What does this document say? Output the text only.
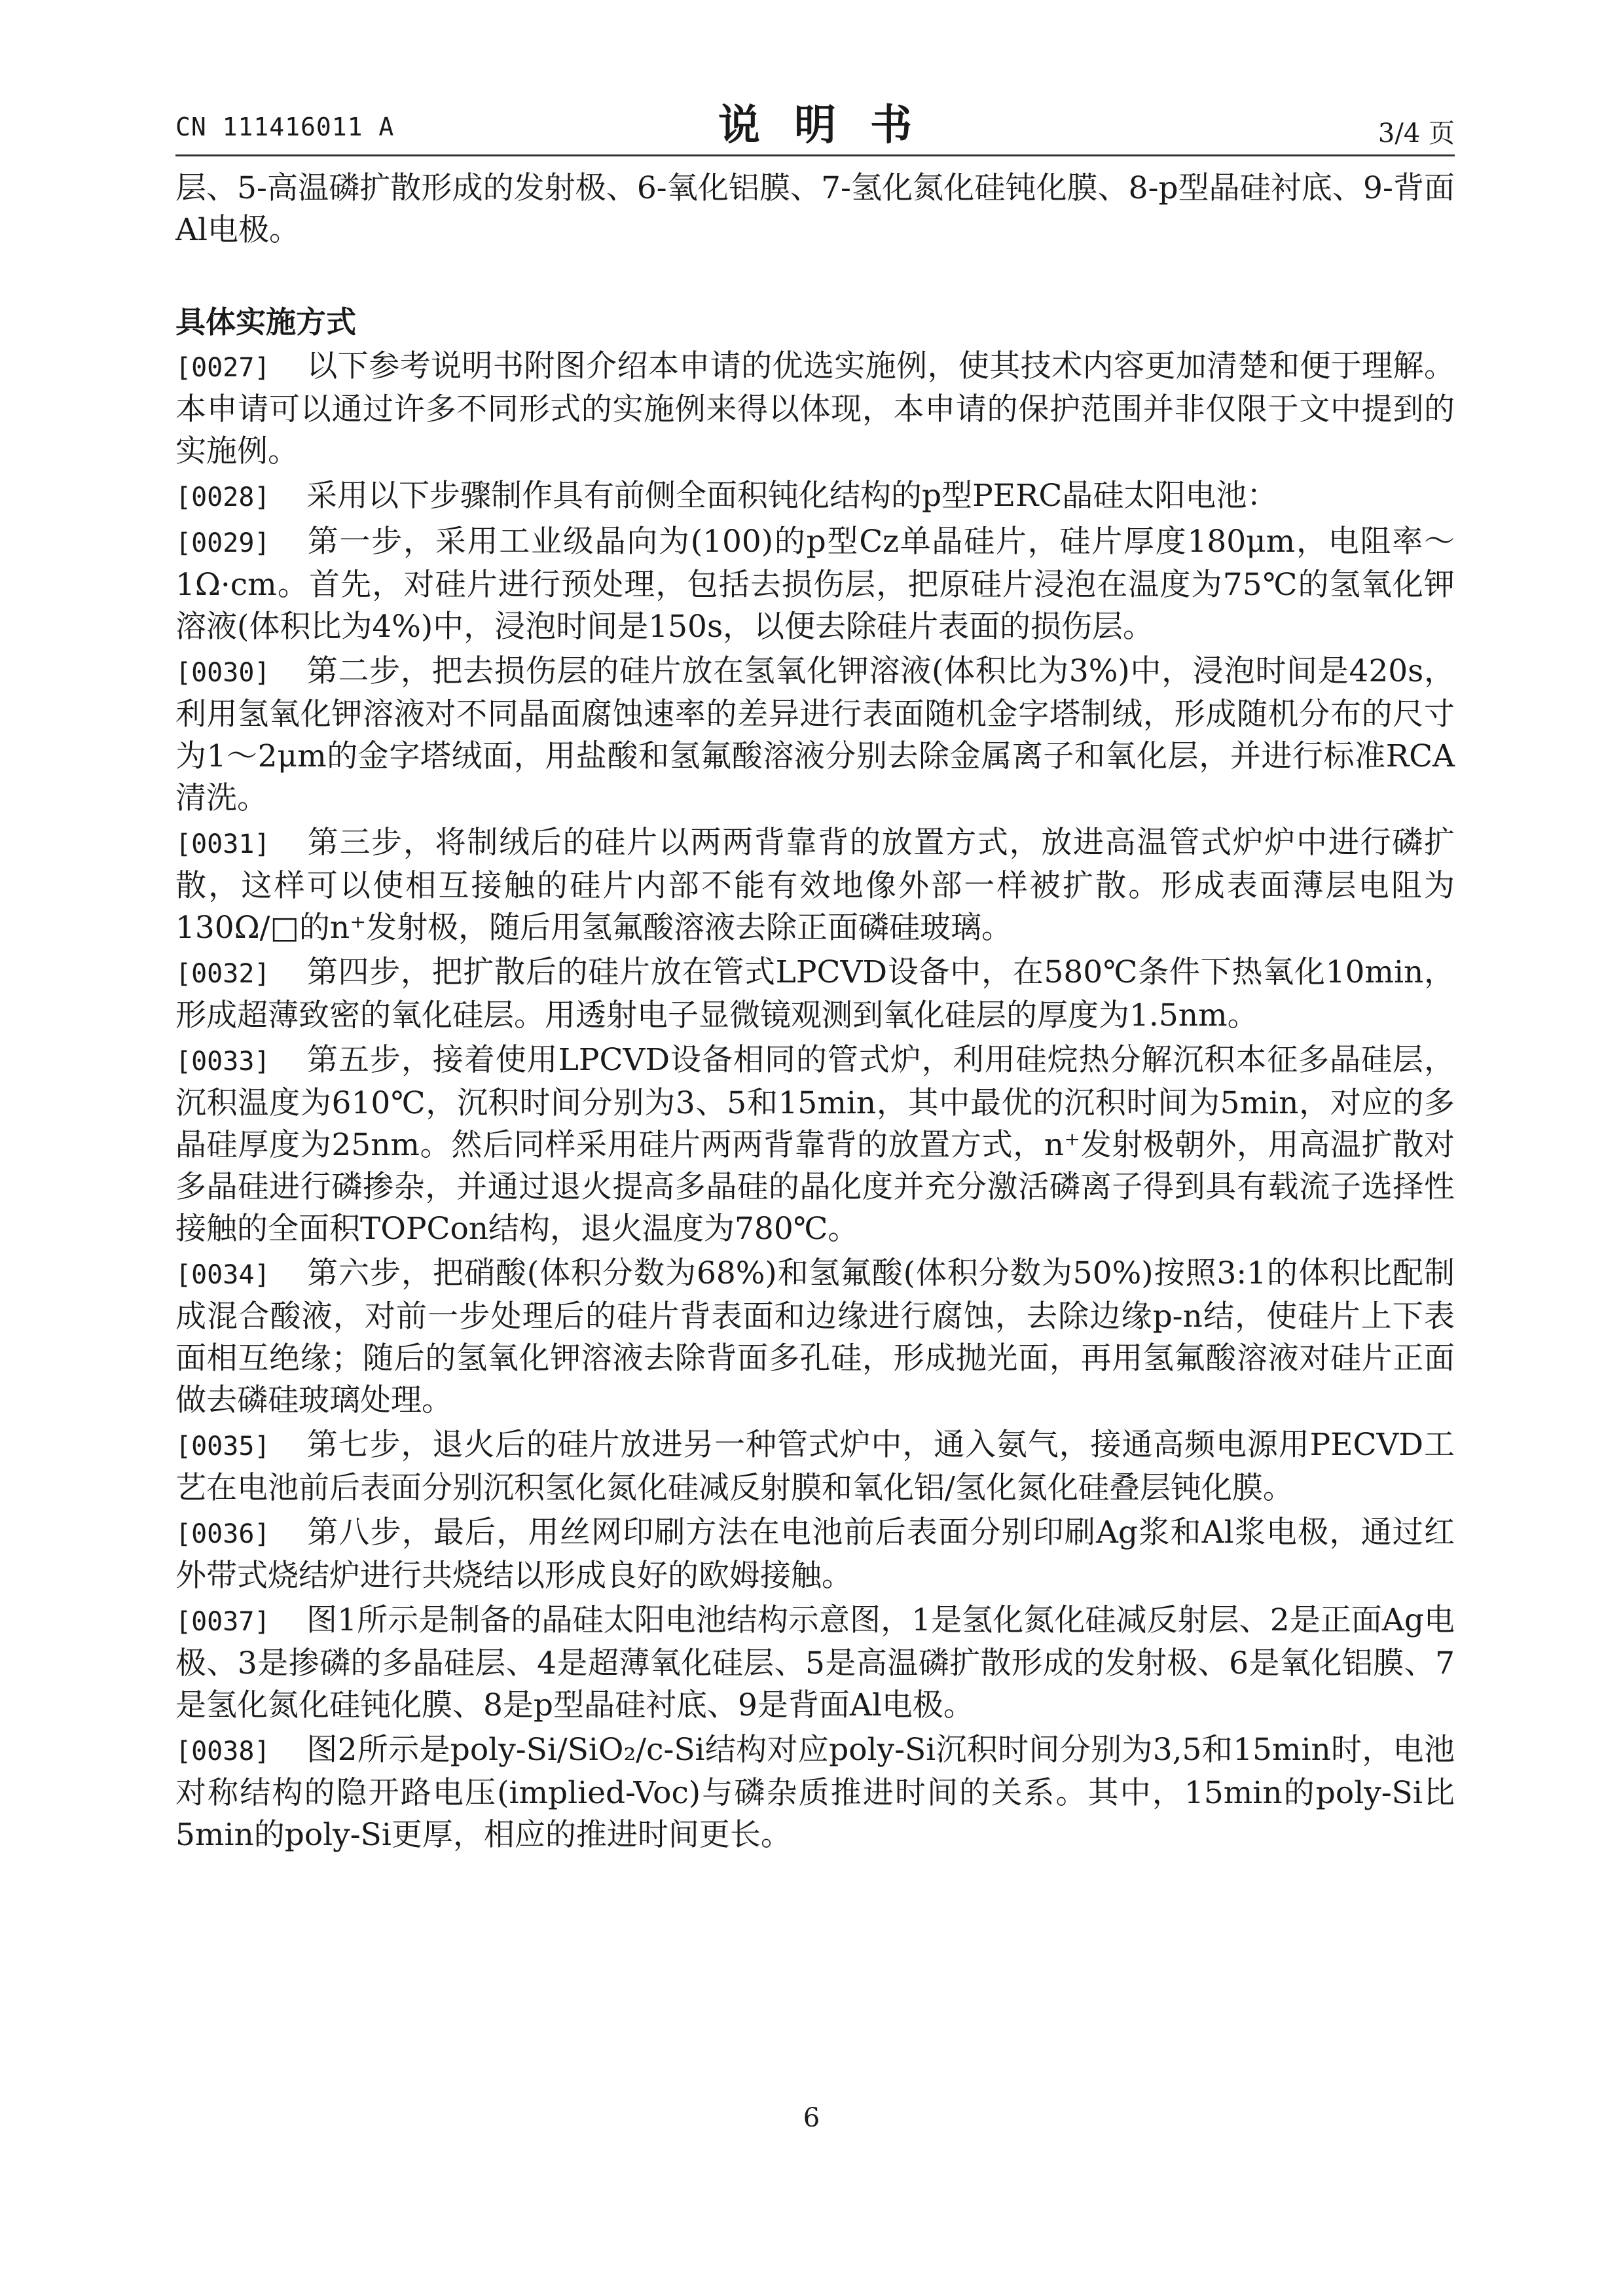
CN 111416011 A	说明书	3/4 页

层、5-高温磷扩散形成的发射极、6-氧化铝膜、7-氢化氮化硅钝化膜、8-p型晶硅衬底、9-背面Al电极。

具体实施方式

[0027] 以下参考说明书附图介绍本申请的优选实施例，使其技术内容更加清楚和便于理解。本申请可以通过许多不同形式的实施例来得以体现，本申请的保护范围并非仅限于文中提到的实施例。

[0028] 采用以下步骤制作具有前侧全面积钝化结构的p型PERC晶硅太阳电池：

[0029] 第一步，采用工业级晶向为(100)的p型Cz单晶硅片，硅片厚度180μm，电阻率～1Ω·cm。首先，对硅片进行预处理，包括去损伤层，把原硅片浸泡在温度为75℃的氢氧化钾溶液(体积比为4%)中，浸泡时间是150s，以便去除硅片表面的损伤层。

[0030] 第二步，把去损伤层的硅片放在氢氧化钾溶液(体积比为3%)中，浸泡时间是420s，利用氢氧化钾溶液对不同晶面腐蚀速率的差异进行表面随机金字塔制绒，形成随机分布的尺寸为1～2μm的金字塔绒面，用盐酸和氢氟酸溶液分别去除金属离子和氧化层，并进行标准RCA清洗。

[0031] 第三步，将制绒后的硅片以两两背靠背的放置方式，放进高温管式炉炉中进行磷扩散，这样可以使相互接触的硅片内部不能有效地像外部一样被扩散。形成表面薄层电阻为130Ω/□的n⁺发射极，随后用氢氟酸溶液去除正面磷硅玻璃。

[0032] 第四步，把扩散后的硅片放在管式LPCVD设备中，在580℃条件下热氧化10min，形成超薄致密的氧化硅层。用透射电子显微镜观测到氧化硅层的厚度为1.5nm。

[0033] 第五步，接着使用LPCVD设备相同的管式炉，利用硅烷热分解沉积本征多晶硅层，沉积温度为610℃，沉积时间分别为3、5和15min，其中最优的沉积时间为5min，对应的多晶硅厚度为25nm。然后同样采用硅片两两背靠背的放置方式，n⁺发射极朝外，用高温扩散对多晶硅进行磷掺杂，并通过退火提高多晶硅的晶化度并充分激活磷离子得到具有载流子选择性接触的全面积TOPCon结构，退火温度为780℃。

[0034] 第六步，把硝酸(体积分数为68%)和氢氟酸(体积分数为50%)按照3:1的体积比配制成混合酸液，对前一步处理后的硅片背表面和边缘进行腐蚀，去除边缘p-n结，使硅片上下表面相互绝缘；随后的氢氧化钾溶液去除背面多孔硅，形成抛光面，再用氢氟酸溶液对硅片正面做去磷硅玻璃处理。

[0035] 第七步，退火后的硅片放进另一种管式炉中，通入氨气，接通高频电源用PECVD工艺在电池前后表面分别沉积氢化氮化硅减反射膜和氧化铝/氢化氮化硅叠层钝化膜。

[0036] 第八步，最后，用丝网印刷方法在电池前后表面分别印刷Ag浆和Al浆电极，通过红外带式烧结炉进行共烧结以形成良好的欧姆接触。

[0037] 图1所示是制备的晶硅太阳电池结构示意图，1是氢化氮化硅减反射层、2是正面Ag电极、3是掺磷的多晶硅层、4是超薄氧化硅层、5是高温磷扩散形成的发射极、6是氧化铝膜、7是氢化氮化硅钝化膜、8是p型晶硅衬底、9是背面Al电极。

[0038] 图2所示是poly-Si/SiO₂/c-Si结构对应poly-Si沉积时间分别为3,5和15min时，电池对称结构的隐开路电压(implied-Voc)与磷杂质推进时间的关系。其中，15min的poly-Si比5min的poly-Si更厚，相应的推进时间更长。

6
